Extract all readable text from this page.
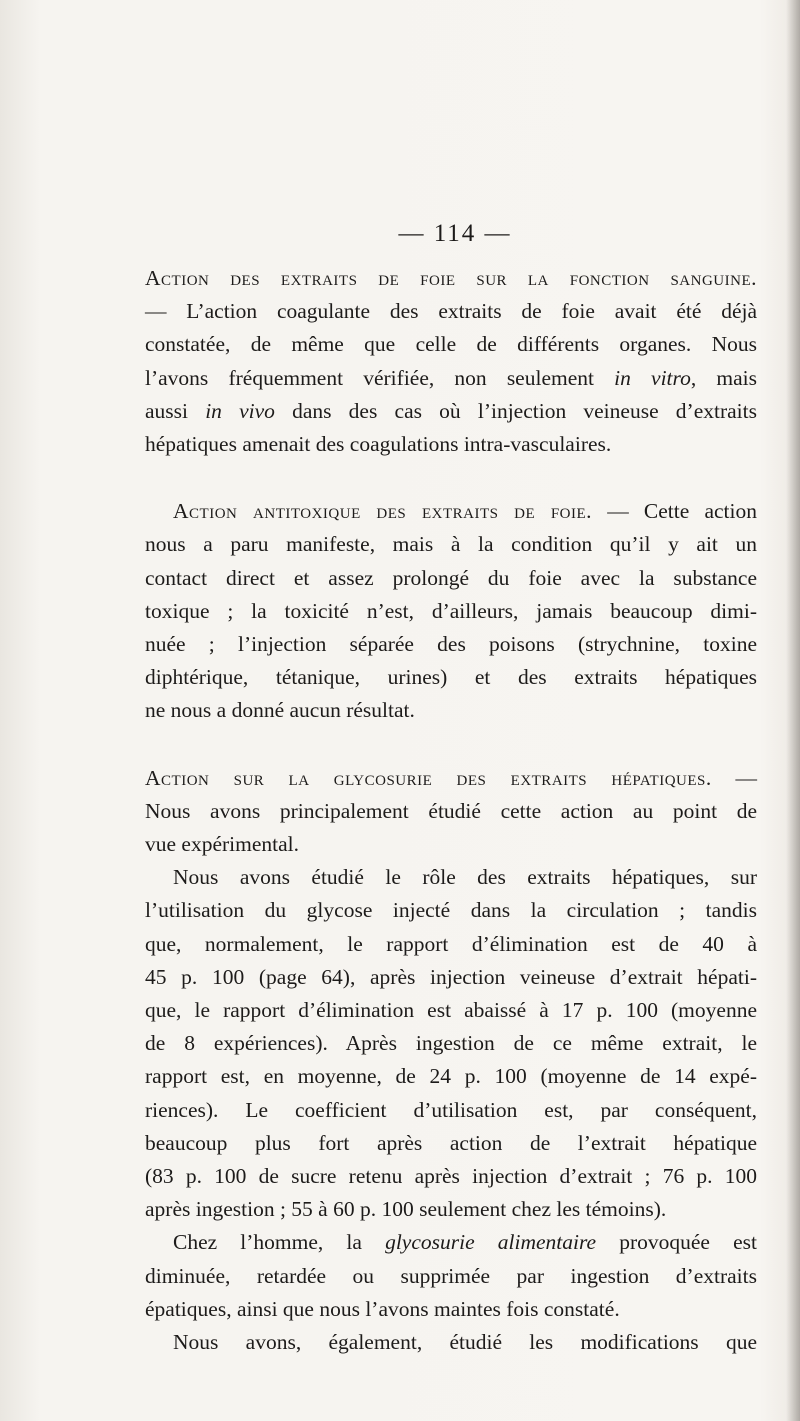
— 114 —

Action des extraits de foie sur la fonction sanguine.
— L’action coagulante des extraits de foie avait été déjà
constatée, de même que celle de différents organes. Nous
l’avons fréquemment vérifiée, non seulement in vitro, mais
aussi in vivo dans des cas où l’injection veineuse d’extraits
hépatiques amenait des coagulations intra-vasculaires.

Action antitoxique des extraits de foie. — Cette action
nous a paru manifeste, mais à la condition qu’il y ait un
contact direct et assez prolongé du foie avec la substance
toxique ; la toxicité n’est, d’ailleurs, jamais beaucoup dimi-
nuée ; l’injection séparée des poisons (strychnine, toxine
diphtérique, tétanique, urines) et des extraits hépatiques
ne nous a donné aucun résultat.

Action sur la glycosurie des extraits hépatiques. —
Nous avons principalement étudié cette action au point de
vue expérimental.

Nous avons étudié le rôle des extraits hépatiques, sur
l’utilisation du glycose injecté dans la circulation ; tandis
que, normalement, le rapport d’élimination est de 40 à
45 p. 100 (page 64), après injection veineuse d’extrait hépati-
que, le rapport d’élimination est abaissé à 17 p. 100 (moyenne
de 8 expériences). Après ingestion de ce même extrait, le
rapport est, en moyenne, de 24 p. 100 (moyenne de 14 expé-
riences). Le coefficient d’utilisation est, par conséquent,
beaucoup plus fort après action de l’extrait hépatique
(83 p. 100 de sucre retenu après injection d’extrait ; 76 p. 100
après ingestion ; 55 à 60 p. 100 seulement chez les témoins).

Chez l’homme, la glycosurie alimentaire provoquée est
diminuée, retardée ou supprimée par ingestion d’extraits
épatiques, ainsi que nous l’avons maintes fois constaté.

Nous avons, également, étudié les modifications que
